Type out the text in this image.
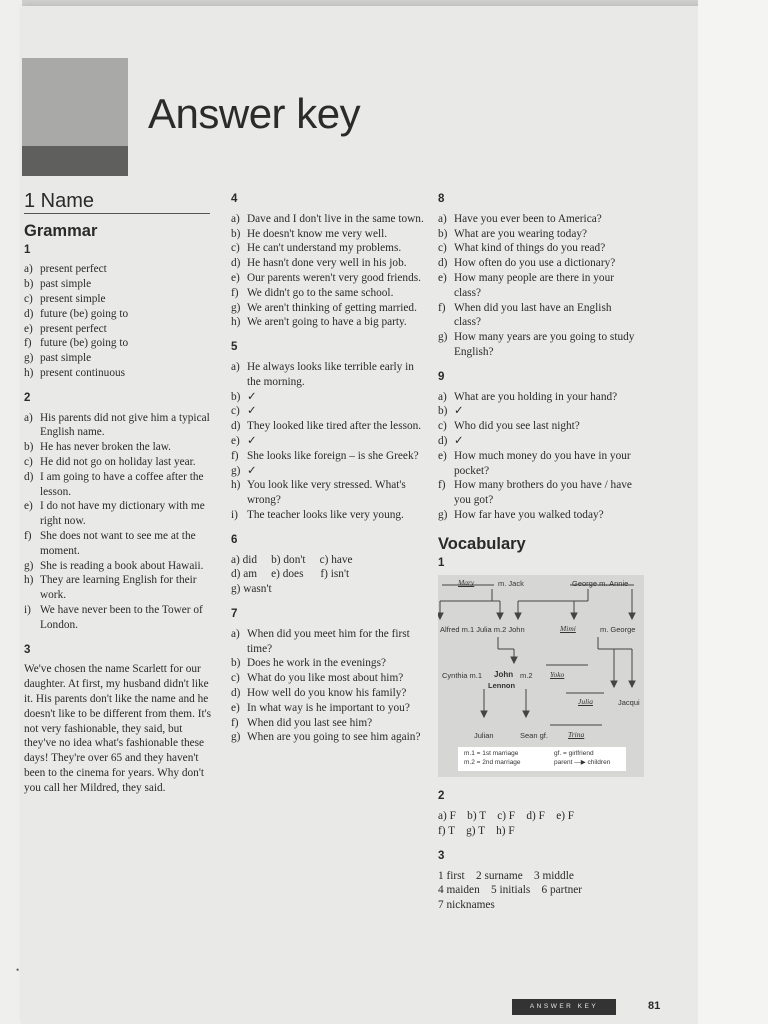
Answer key
1 Name
Grammar
1
a) present perfect
b) past simple
c) present simple
d) future (be) going to
e) present perfect
f) future (be) going to
g) past simple
h) present continuous
2
a) His parents did not give him a typical English name.
b) He has never broken the law.
c) He did not go on holiday last year.
d) I am going to have a coffee after the lesson.
e) I do not have my dictionary with me right now.
f) She does not want to see me at the moment.
g) She is reading a book about Hawaii.
h) They are learning English for their work.
i) We have never been to the Tower of London.
3
We've chosen the name Scarlett for our daughter. At first, my husband didn't like it. His parents don't like the name and he doesn't like to be different from them. It's not very fashionable, they said, but they've no idea what's fashionable these days! They're over 65 and they haven't been to the cinema for years. Why don't you call her Mildred, they said.
4
a) Dave and I don't live in the same town.
b) He doesn't know me very well.
c) He can't understand my problems.
d) He hasn't done very well in his job.
e) Our parents weren't very good friends.
f) We didn't go to the same school.
g) We aren't thinking of getting married.
h) We aren't going to have a big party.
5
a) He always looks like terrible early in the morning.
b) ✓
c) ✓
d) They looked like tired after the lesson.
e) ✓
f) She looks like foreign – is she Greek?
g) ✓
h) You look like very stressed. What's wrong?
i) The teacher looks like very young.
6
a) did     b) don't     c) have
d) am     e) does      f) isn't
g) wasn't
7
a) When did you meet him for the first time?
b) Does he work in the evenings?
c) What do you like most about him?
d) How well do you know his family?
e) In what way is he important to you?
f) When did you last see him?
g) When are you going to see him again?
8
a) Have you ever been to America?
b) What are you wearing today?
c) What kind of things do you read?
d) How often do you use a dictionary?
e) How many people are there in your class?
f) When did you last have an English class?
g) How many years are you going to study English?
9
a) What are you holding in your hand?
b) ✓
c) Who did you see last night?
d) ✓
e) How much money do you have in your pocket?
f) How many brothers do you have / have you got?
g) How far have you walked today?
Vocabulary
1
Mary	m. Jack	George m. Annie
Alfred m.1 Julia m.2 John	Mimi	m. George
Cynthia m.1 John m.2 Yoko
Lennon
Julia	Jacqui
Julian	Sean gf.	Trina
m.1 = 1st marriage
m.2 = 2nd marriage
gf. = girlfriend
parent —▶ children
2
a) F    b) T    c) F    d) F    e) F
f) T    g) T    h) F
3
1 first    2 surname    3 middle
4 maiden    5 initials    6 partner
7 nicknames
•
ANSWER KEY	81
